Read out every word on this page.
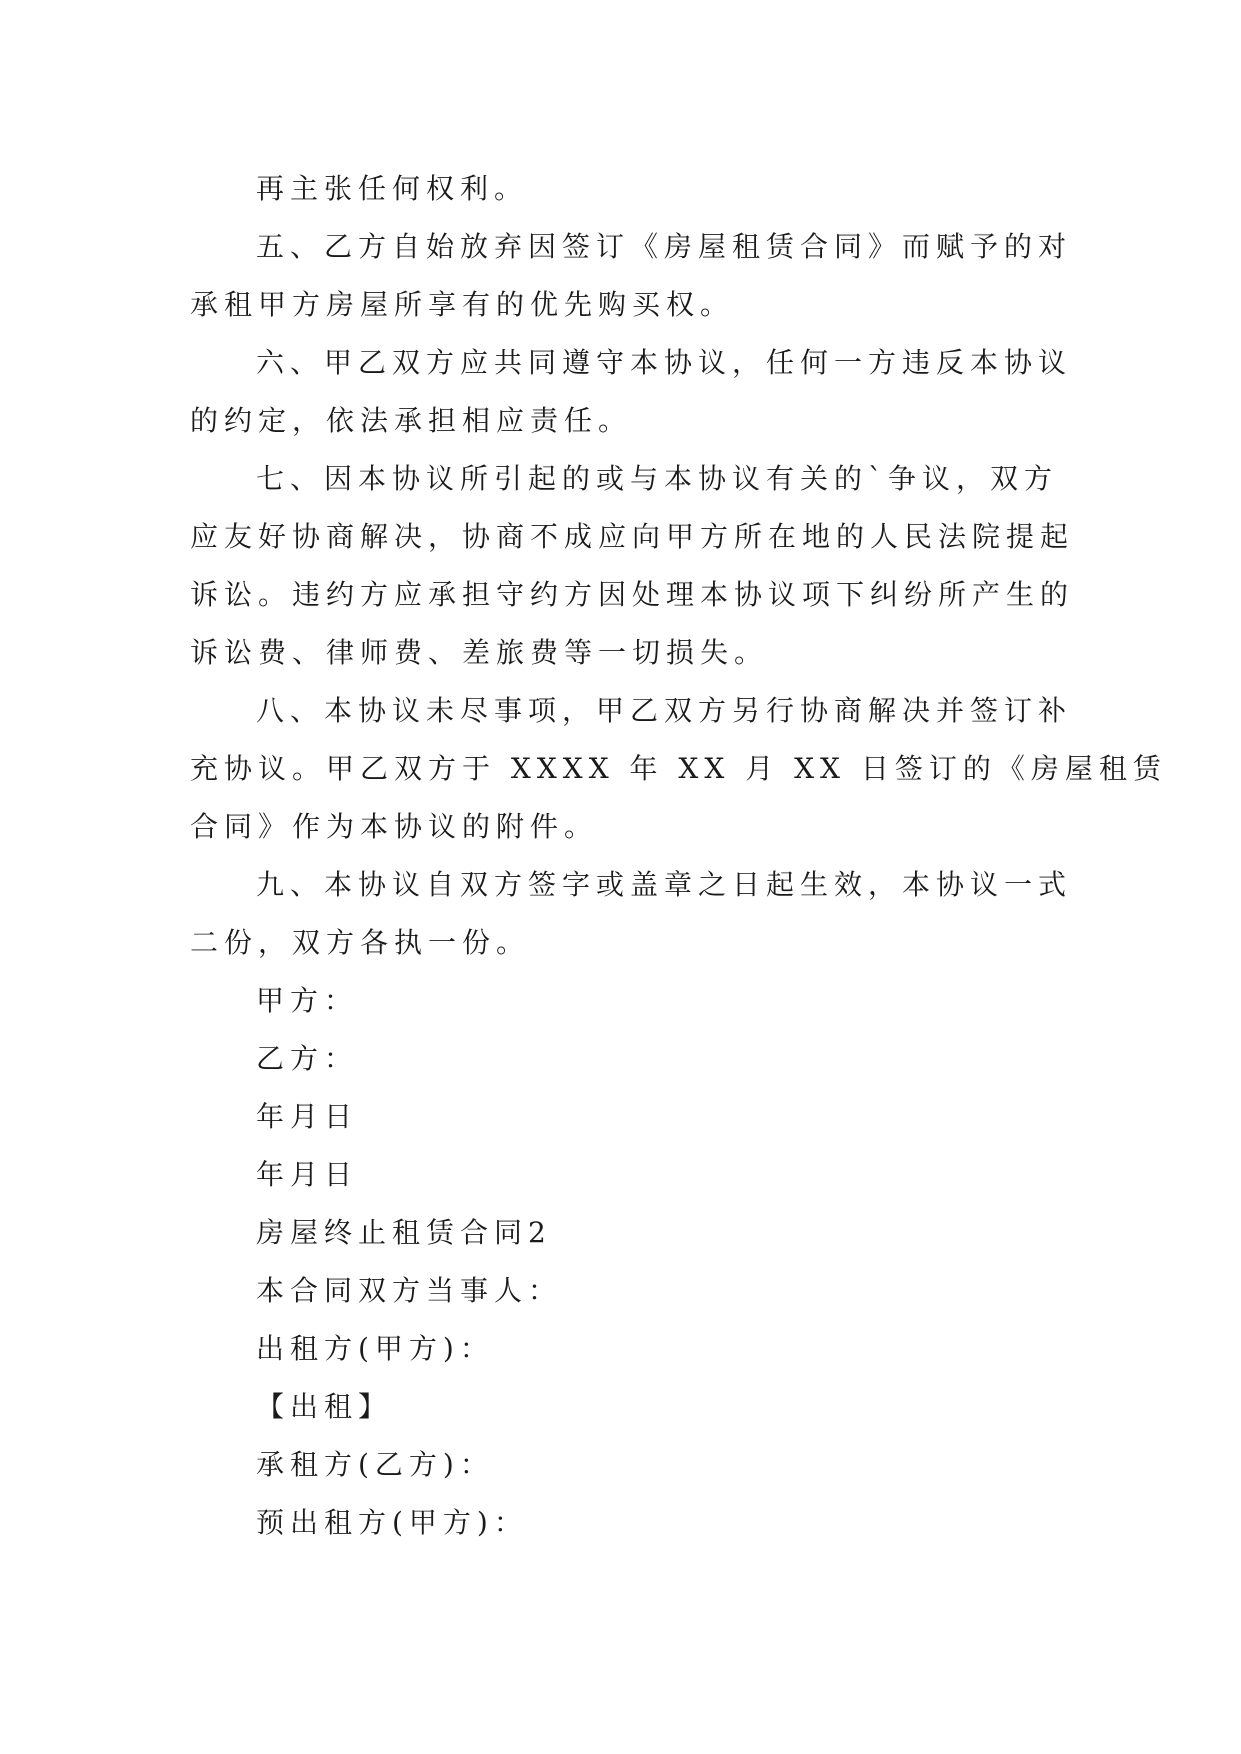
再主张任何权利。
五、乙方自始放弃因签订《房屋租赁合同》而赋予的对
承租甲方房屋所享有的优先购买权。
六、甲乙双方应共同遵守本协议，任何一方违反本协议
的约定，依法承担相应责任。
七、因本协议所引起的或与本协议有关的`争议，双方
应友好协商解决，协商不成应向甲方所在地的人民法院提起
诉讼。违约方应承担守约方因处理本协议项下纠纷所产生的
诉讼费、律师费、差旅费等一切损失。
八、本协议未尽事项，甲乙双方另行协商解决并签订补
充协议。甲乙双方于 XXXX 年 XX 月 XX 日签订的《房屋租赁
合同》作为本协议的附件。
九、本协议自双方签字或盖章之日起生效，本协议一式
二份，双方各执一份。
甲方：
乙方：
年月日
年月日
房屋终止租赁合同2
本合同双方当事人：
出租方(甲方)：
【出租】
承租方(乙方)：
预出租方(甲方)：
